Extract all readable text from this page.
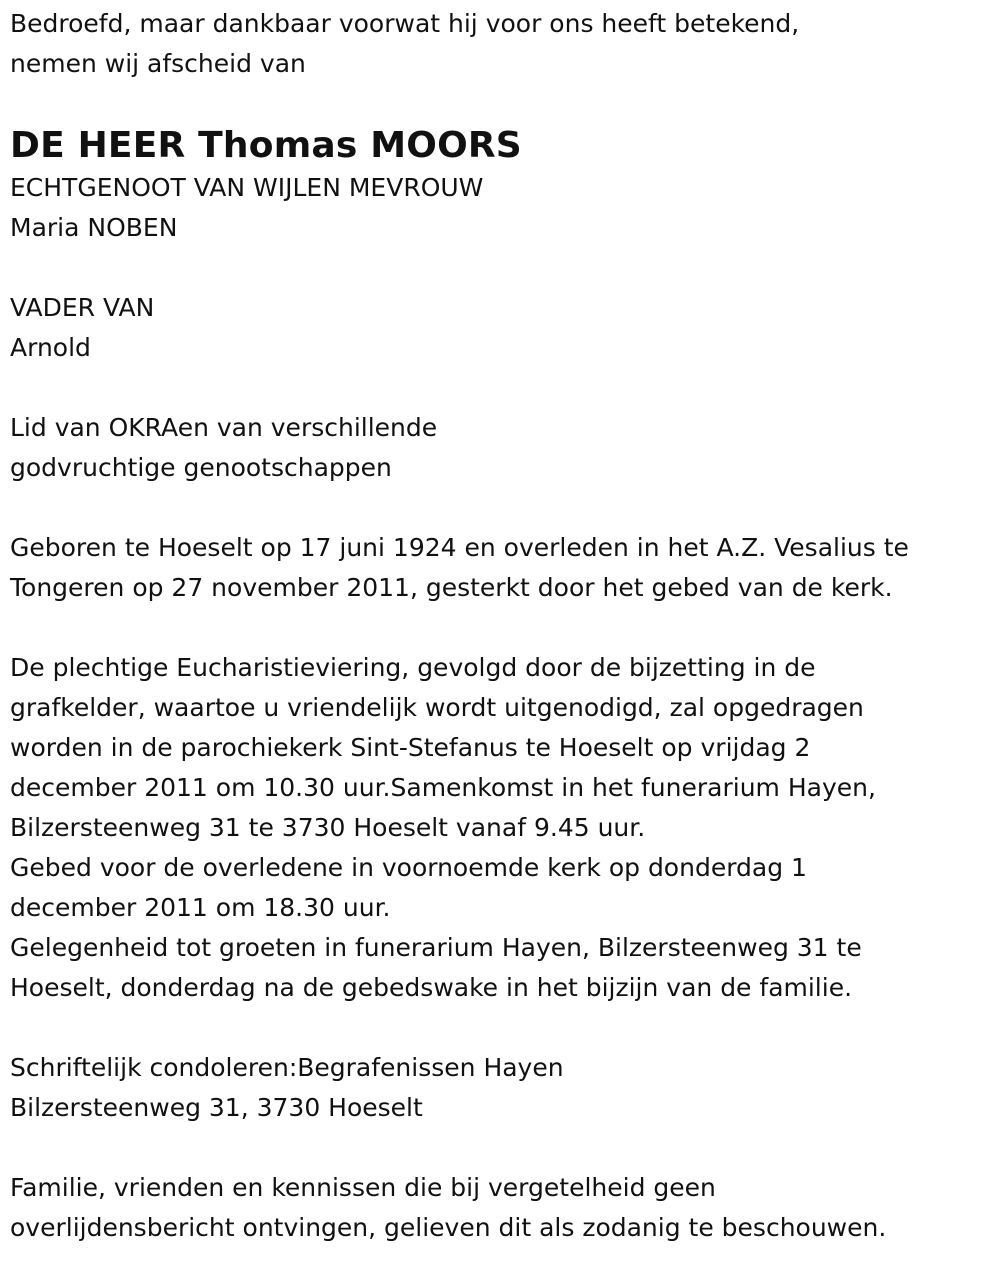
Bedroefd, maar dankbaar voorwat hij voor ons heeft betekend,
nemen wij afscheid van
DE HEER Thomas MOORS
ECHTGENOOT VAN WIJLEN MEVROUW
Maria NOBEN
VADER VAN
Arnold
Lid van OKRAen van verschillende
godvruchtige genootschappen
Geboren te Hoeselt op 17 juni 1924 en overleden in het A.Z. Vesalius te
Tongeren op 27 november 2011, gesterkt door het gebed van de kerk.
De plechtige Eucharistieviering, gevolgd door de bijzetting in de
grafkelder, waartoe u vriendelijk wordt uitgenodigd, zal opgedragen
worden in de parochiekerk Sint-Stefanus te Hoeselt op vrijdag 2
december 2011 om 10.30 uur.Samenkomst in het funerarium Hayen,
Bilzersteenweg 31 te 3730 Hoeselt vanaf 9.45 uur.
Gebed voor de overledene in voornoemde kerk op donderdag 1
december 2011 om 18.30 uur.
Gelegenheid tot groeten in funerarium Hayen, Bilzersteenweg 31 te
Hoeselt, donderdag na de gebedswake in het bijzijn van de familie.
Schriftelijk condoleren:Begrafenissen Hayen
Bilzersteenweg 31, 3730 Hoeselt
Familie, vrienden en kennissen die bij vergetelheid geen
overlijdensbericht ontvingen, gelieven dit als zodanig te beschouwen.
